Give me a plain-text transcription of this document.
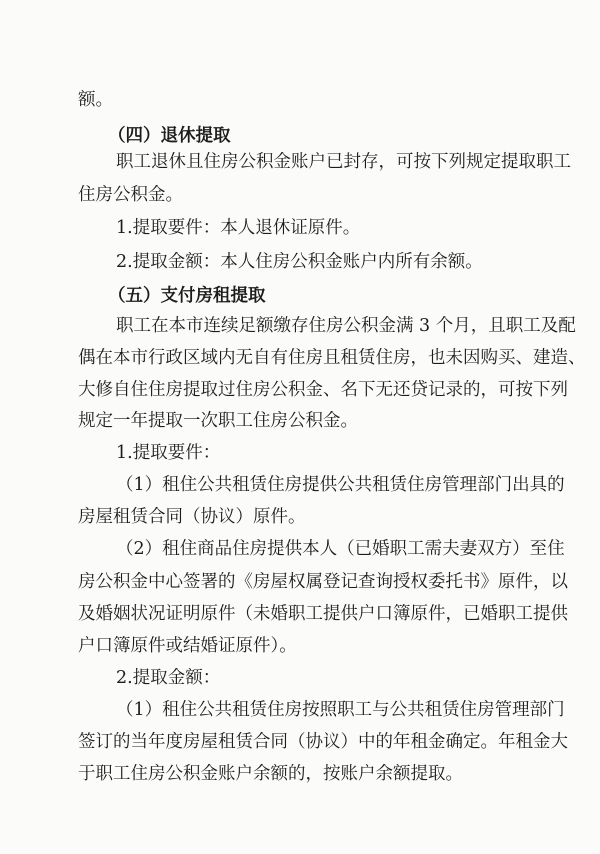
额。
（四）退休提取
职工退休且住房公积金账户已封存，可按下列规定提取职工
住房公积金。
1.提取要件：本人退休证原件。
2.提取金额：本人住房公积金账户内所有余额。
（五）支付房租提取
职工在本市连续足额缴存住房公积金满 3 个月，且职工及配
偶在本市行政区域内无自有住房且租赁住房，也未因购买、建造、
大修自住住房提取过住房公积金、名下无还贷记录的，可按下列
规定一年提取一次职工住房公积金。
1.提取要件：
（1）租住公共租赁住房提供公共租赁住房管理部门出具的
房屋租赁合同（协议）原件。
（2）租住商品住房提供本人（已婚职工需夫妻双方）至住
房公积金中心签署的《房屋权属登记查询授权委托书》原件，以
及婚姻状况证明原件（未婚职工提供户口簿原件，已婚职工提供
户口簿原件或结婚证原件）。
2.提取金额：
（1）租住公共租赁住房按照职工与公共租赁住房管理部门
签订的当年度房屋租赁合同（协议）中的年租金确定。年租金大
于职工住房公积金账户余额的，按账户余额提取。
